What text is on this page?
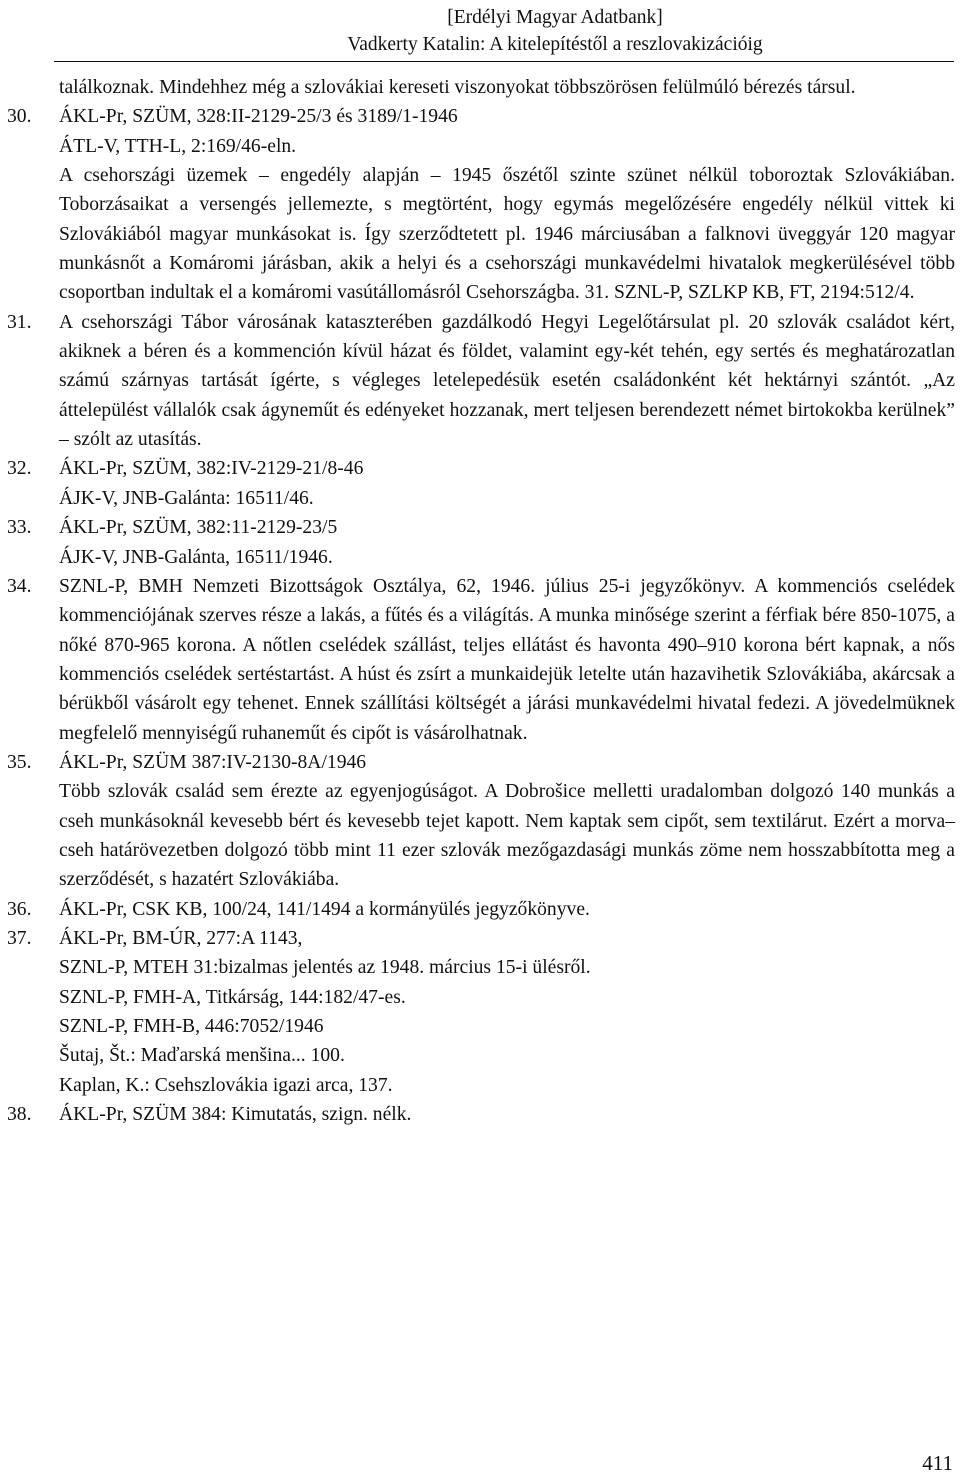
[Erdélyi Magyar Adatbank]
Vadkerty Katalin: A kitelepítéstől a reszlovakizációig

találkoznak. Mindehhez még a szlovákiai kereseti viszonyokat többszörösen felülmúló bérezés társul.

30. ÁKL-Pr, SZÜM, 328:II-2129-25/3 és 3189/1-1946

ÁTL-V, TTH-L, 2:169/46-eln.

A csehországi üzemek – engedély alapján – 1945 őszétől szinte szünet nélkül toboroztak Szlovákiában. Toborzásaikat a versengés jellemezte, s megtörtént, hogy egymás megelőzésére engedély nélkül vittek ki Szlovákiából magyar munkásokat is. Így szerződtetett pl. 1946 márciusában a falknovi üveggyár 120 magyar munkásnőt a Komáromi járásban, akik a helyi és a csehországi munkavédelmi hivatalok megkerülésével több csoportban indultak el a komáromi vasútállomásról Csehországba. 31. SZNL-P, SZLKP KB, FT, 2194:512/4.

31. A csehországi Tábor városának kataszterében gazdálkodó Hegyi Legelőtársulat pl. 20 szlovák családot kért, akiknek a béren és a kommención kívül házat és földet, valamint egy-két tehén, egy sertés és meghatározatlan számú szárnyas tartását ígérte, s végleges letelepedésük esetén családonként két hektárnyi szántót. „Az áttelepülést vállalók csak ágyneműt és edényeket hozzanak, mert teljesen berendezett német birtokokba kerülnek” – szólt az utasítás.

32. ÁKL-Pr, SZÜM, 382:IV-2129-21/8-46

ÁJK-V, JNB-Galánta: 16511/46.

33. ÁKL-Pr, SZÜM, 382:11-2129-23/5

ÁJK-V, JNB-Galánta, 16511/1946.

34. SZNL-P, BMH Nemzeti Bizottságok Osztálya, 62, 1946. július 25-i jegyzőkönyv. A kommenciós cselédek kommenciójának szerves része a lakás, a fűtés és a világítás. A munka minősége szerint a férfiak bére 850-1075, a nőké 870-965 korona. A nőtlen cselédek szállást, teljes ellátást és havonta 490–910 korona bért kapnak, a nős kommenciós cselédek sertéstartást. A húst és zsírt a munkaidejük letelte után hazavihetik Szlovákiába, akárcsak a bérükből vásárolt egy tehenet. Ennek szállítási költségét a járási munkavédelmi hivatal fedezi. A jövedelmüknek megfelelő mennyiségű ruhaneműt és cipőt is vásárolhatnak.

35. ÁKL-Pr, SZÜM 387:IV-2130-8A/1946

Több szlovák család sem érezte az egyenjogúságot. A Dobrošice melletti uradalomban dolgozó 140 munkás a cseh munkásoknál kevesebb bért és kevesebb tejet kapott. Nem kaptak sem cipőt, sem textilárut. Ezért a morva–cseh határövezetben dolgozó több mint 11 ezer szlovák mezőgazdasági munkás zöme nem hosszabbította meg a szerződését, s hazatért Szlovákiába.

36. ÁKL-Pr, CSK KB, 100/24, 141/1494 a kormányülés jegyzőkönyve.

37. ÁKL-Pr, BM-ÚR, 277:A 1143,

SZNL-P, MTEH 31:bizalmas jelentés az 1948. március 15-i ülésről.

SZNL-P, FMH-A, Titkárság, 144:182/47-es.

SZNL-P, FMH-B, 446:7052/1946

Šutaj, Št.: Maďarská menšina... 100.

Kaplan, K.: Csehszlovákia igazi arca, 137.

38. ÁKL-Pr, SZÜM 384: Kimutatás, szign. nélk.

411
